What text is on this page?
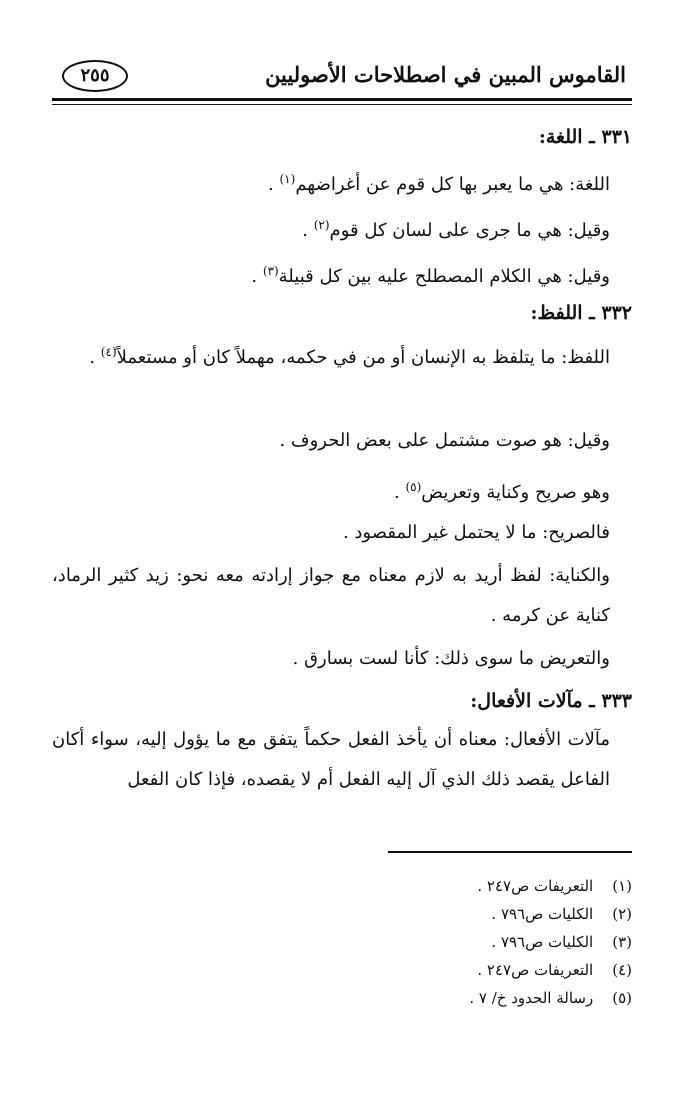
٢٥٥	القاموس المبين في اصطلاحات الأصوليين
٣٣١ ـ اللغة:
اللغة: هي ما يعبر بها كل قوم عن أغراضهم$^{(١)}$ .
وقيل: هي ما جرى على لسان كل قوم$^{(٢)}$ .
وقيل: هي الكلام المصطلح عليه بين كل قبيلة$^{(٣)}$ .
٣٣٢ ـ اللفظ:
اللفظ: ما يتلفظ به الإنسان أو من في حكمه، مهملاً كان أو مستعملاً$^{(٤)}$ .
وقيل: هو صوت مشتمل على بعض الحروف .
وهو صريح وكناية وتعريض$^{(٥)}$ .
فالصريح: ما لا يحتمل غير المقصود .
والكناية: لفظ أريد به لازم معناه مع جواز إرادته معه نحو: زيد كثير الرماد، كناية عن كرمه .
والتعريض ما سوى ذلك: كأنا لست بسارق .
٣٣٣ ـ مآلات الأفعال:
مآلات الأفعال: معناه أن يأخذ الفعل حكماً يتفق مع ما يؤول إليه، سواء أكان الفاعل يقصد ذلك الذي آل إليه الفعل أم لا يقصده، فإذا كان الفعل
(١) التعريفات ص٢٤٧ .
(٢) الكليات ص٧٩٦ .
(٣) الكليات ص٧٩٦ .
(٤) التعريفات ص٢٤٧ .
(٥) رسالة الحدود خ/ ٧ .
